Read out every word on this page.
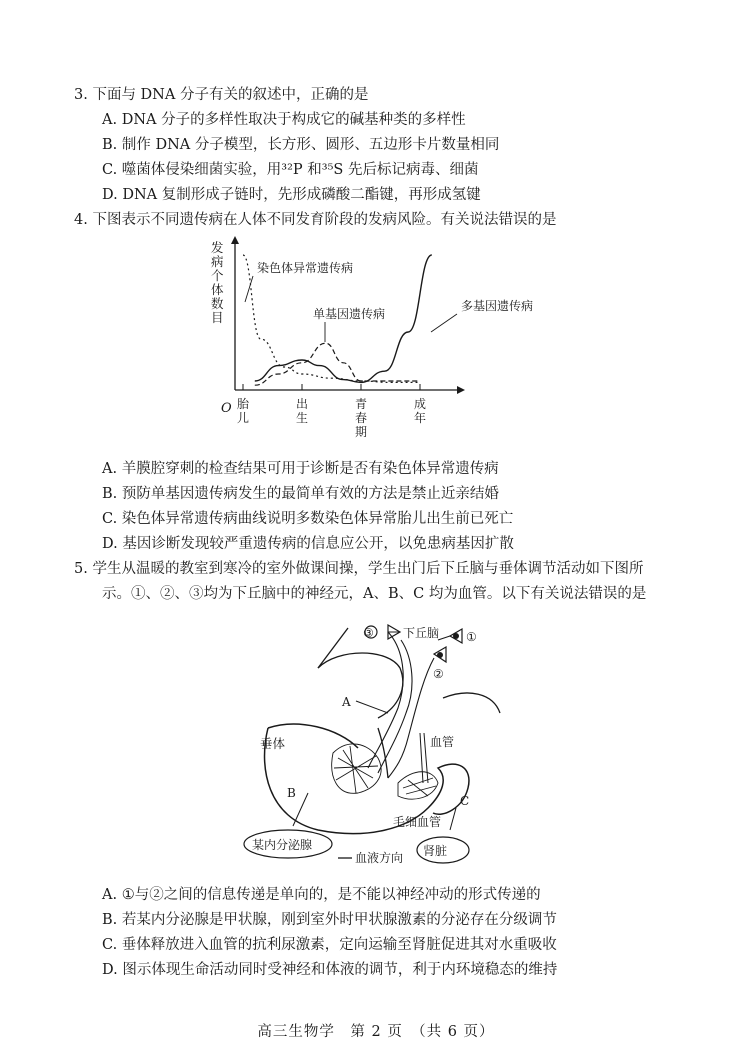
3. 下面与 DNA 分子有关的叙述中，正确的是
A. DNA 分子的多样性取决于构成它的碱基种类的多样性
B. 制作 DNA 分子模型，长方形、圆形、五边形卡片数量相同
C. 噬菌体侵染细菌实验，用³²P 和³⁵S 先后标记病毒、细菌
D. DNA 复制形成子链时，先形成磷酸二酯键，再形成氢键
4. 下图表示不同遗传病在人体不同发育阶段的发病风险。有关说法错误的是
O
发病个体数目
胎儿
出生
青春期
成年
染色体异常遗传病
单基因遗传病
多基因遗传病
A. 羊膜腔穿刺的检查结果可用于诊断是否有染色体异常遗传病
B. 预防单基因遗传病发生的最简单有效的方法是禁止近亲结婚
C. 染色体异常遗传病曲线说明多数染色体异常胎儿出生前已死亡
D. 基因诊断发现较严重遗传病的信息应公开，以免患病基因扩散
5. 学生从温暖的教室到寒冷的室外做课间操，学生出门后下丘脑与垂体调节活动如下图所
示。①、②、③均为下丘脑中的神经元，A、B、C 均为血管。以下有关说法错误的是
③ 下丘脑 ①
②
A
垂体	血管
B
C
毛细血管
某内分泌腺	肾脏
血液方向
A. ①与②之间的信息传递是单向的，是不能以神经冲动的形式传递的
B. 若某内分泌腺是甲状腺，刚到室外时甲状腺激素的分泌存在分级调节
C. 垂体释放进入血管的抗利尿激素，定向运输至肾脏促进其对水重吸收
D. 图示体现生命活动同时受神经和体液的调节，利于内环境稳态的维持
高三生物学　第 2 页　（共 6 页）
